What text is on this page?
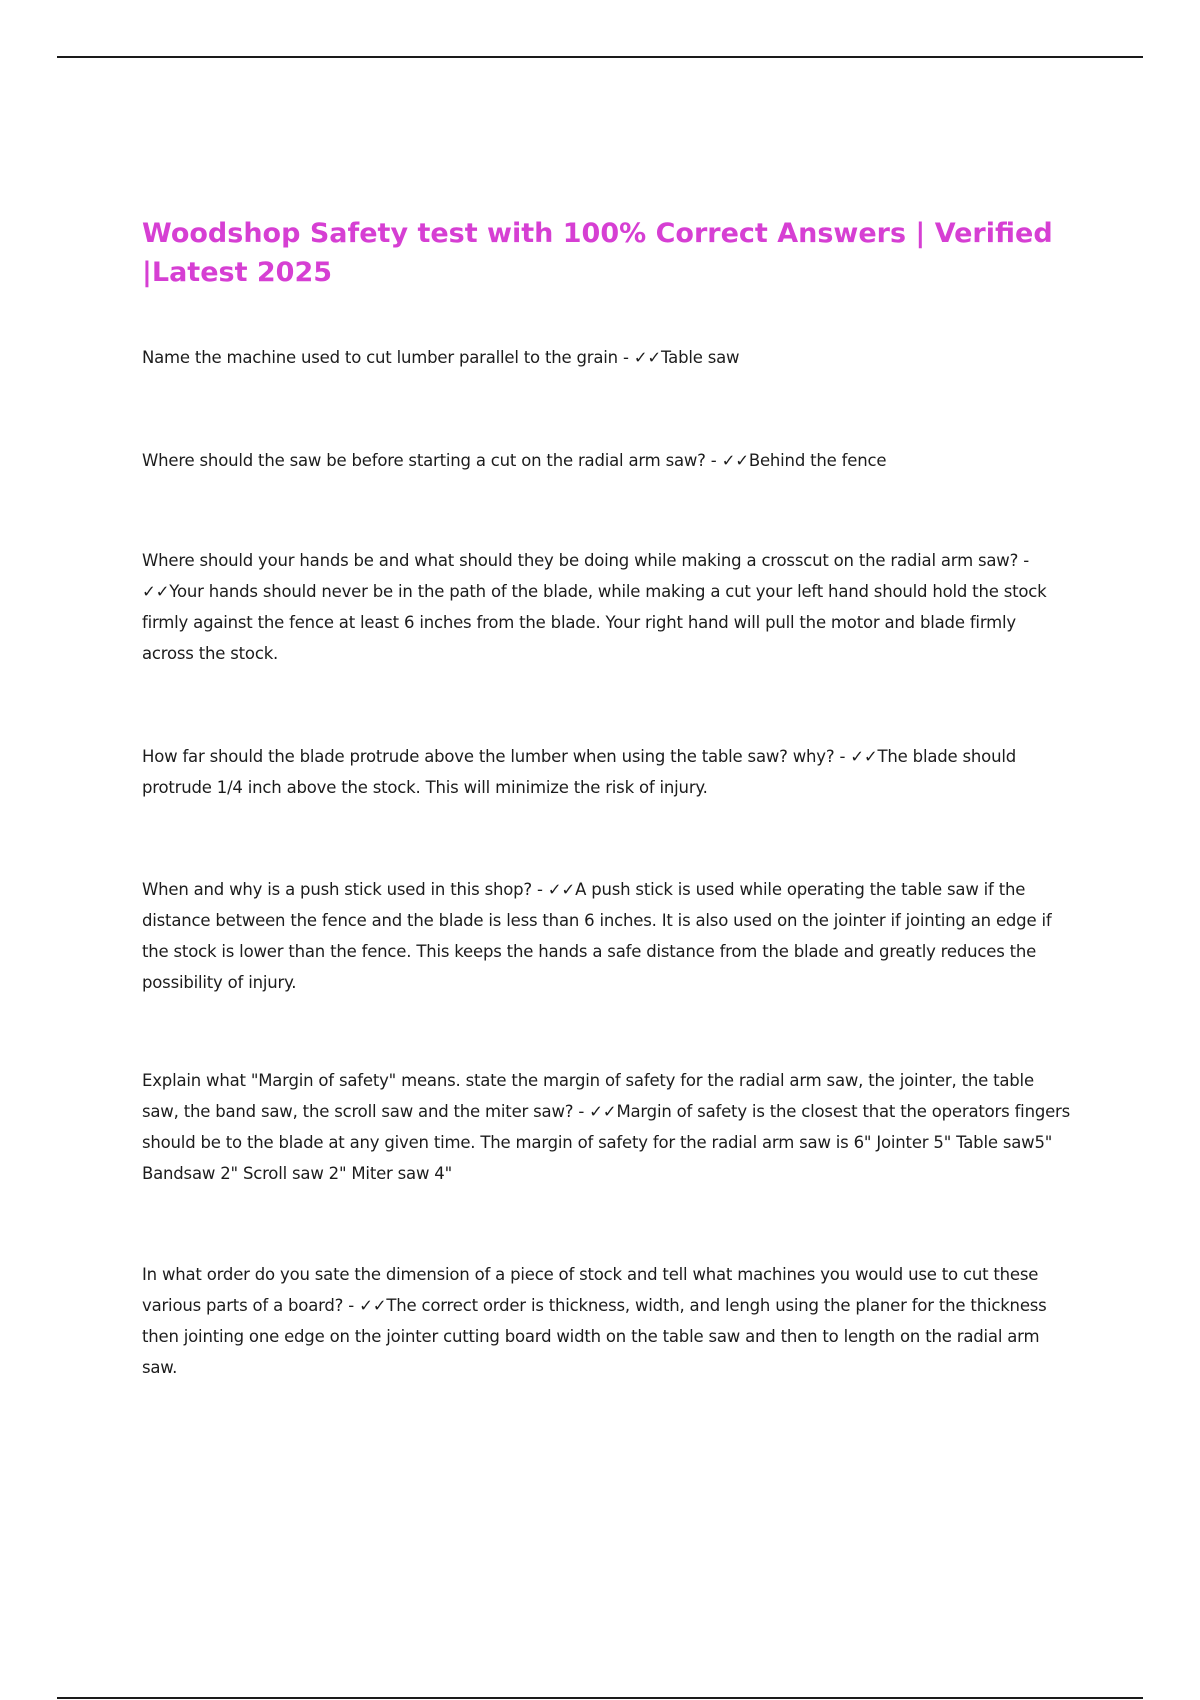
Woodshop Safety test with 100% Correct Answers | Verified |Latest 2025

Name the machine used to cut lumber parallel to the grain - ✓✓Table saw

Where should the saw be before starting a cut on the radial arm saw? - ✓✓Behind the fence

Where should your hands be and what should they be doing while making a crosscut on the radial arm saw? - ✓✓Your hands should never be in the path of the blade, while making a cut your left hand should hold the stock firmly against the fence at least 6 inches from the blade. Your right hand will pull the motor and blade firmly across the stock.

How far should the blade protrude above the lumber when using the table saw? why? - ✓✓The blade should protrude 1/4 inch above the stock. This will minimize the risk of injury.

When and why is a push stick used in this shop? - ✓✓A push stick is used while operating the table saw if the distance between the fence and the blade is less than 6 inches. It is also used on the jointer if jointing an edge if the stock is lower than the fence. This keeps the hands a safe distance from the blade and greatly reduces the possibility of injury.

Explain what "Margin of safety" means. state the margin of safety for the radial arm saw, the jointer, the table saw, the band saw, the scroll saw and the miter saw? - ✓✓Margin of safety is the closest that the operators fingers should be to the blade at any given time. The margin of safety for the radial arm saw is 6" Jointer 5" Table saw5" Bandsaw 2" Scroll saw 2" Miter saw 4"

In what order do you sate the dimension of a piece of stock and tell what machines you would use to cut these various parts of a board? - ✓✓The correct order is thickness, width, and lengh using the planer for the thickness then jointing one edge on the jointer cutting board width on the table saw and then to length on the radial arm saw.
